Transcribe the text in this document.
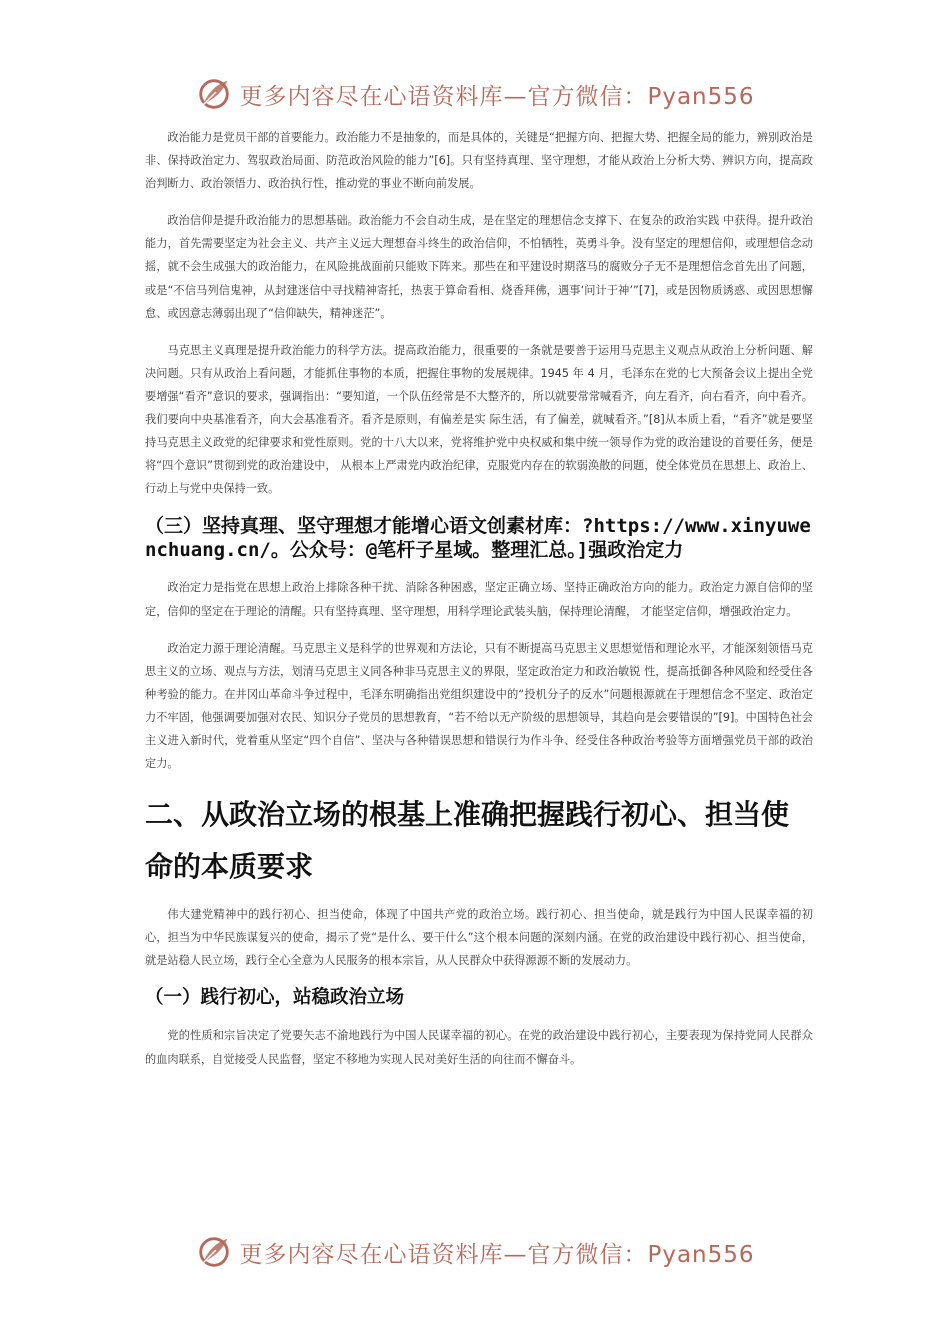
更多内容尽在心语资料库—官方微信：Pyan556

政治能力是党员干部的首要能力。政治能力不是抽象的，而是具体的，关键是“把握方向、把握大势、把握全局的能力，辨别政治是非、保持政治定力、驾驭政治局面、防范政治风险的能力”[6]。只有坚持真理、坚守理想，才能从政治上分析大势、辨识方向，提高政治判断力、政治领悟力、政治执行性，推动党的事业不断向前发展。

政治信仰是提升政治能力的思想基础。政治能力不会自动生成，是在坚定的理想信念支撑下、在复杂的政治实践 中获得。提升政治能力，首先需要坚定为社会主义、共产主义远大理想奋斗终生的政治信仰，不怕牺牲，英勇斗争。没有坚定的理想信仰，或理想信念动摇，就不会生成强大的政治能力，在风险挑战面前只能败下阵来。那些在和平建设时期落马的腐败分子无不是理想信念首先出了问题，或是“不信马列信鬼神，从封建迷信中寻找精神寄托，热衷于算命看相、烧香拜佛，遇事‘问计于神’”[7]，或是因物质诱惑、或因思想懈怠、或因意志薄弱出现了“信仰缺失，精神迷茫”。

马克思主义真理是提升政治能力的科学方法。提高政治能力，很重要的一条就是要善于运用马克思主义观点从政治上分析问题、解决问题。只有从政治上看问题，才能抓住事物的本质，把握住事物的发展规律。1945 年 4 月，毛泽东在党的七大预备会议上提出全党要增强“看齐”意识的要求，强调指出：“要知道，一个队伍经常是不大整齐的，所以就要常常喊看齐，向左看齐，向右看齐，向中看齐。我们要向中央基准看齐，向大会基准看齐。看齐是原则，有偏差是实 际生活，有了偏差，就喊看齐。”[8]从本质上看，“看齐”就是要坚持马克思主义政党的纪律要求和党性原则。党的十八大以来，党将维护党中央权威和集中统一领导作为党的政治建设的首要任务，便是将“四个意识”贯彻到党的政治建设中， 从根本上严肃党内政治纪律，克服党内存在的软弱涣散的问题，使全体党员在思想上、政治上、行动上与党中央保持一致。

（三）坚持真理、坚守理想才能增心语文创素材库：?https://www.xinyuwenchuang.cn/。公众号：@笔杆子星域。整理汇总。]强政治定力

政治定力是指党在思想上政治上排除各种干扰、消除各种困惑，坚定正确立场、坚持正确政治方向的能力。政治定力源自信仰的坚定，信仰的坚定在于理论的清醒。只有坚持真理、坚守理想，用科学理论武装头脑，保持理论清醒， 才能坚定信仰，增强政治定力。

政治定力源于理论清醒。马克思主义是科学的世界观和方法论，只有不断提高马克思主义思想觉悟和理论水平，才能深刻领悟马克思主义的立场、观点与方法，划清马克思主义同各种非马克思主义的界限，坚定政治定力和政治敏锐 性，提高抵御各种风险和经受住各种考验的能力。在井冈山革命斗争过程中，毛泽东明确指出党组织建设中的“投机分子的反水”问题根源就在于理想信念不坚定、政治定力不牢固，他强调要加强对农民、知识分子党员的思想教育，“若不给以无产阶级的思想领导，其趋向是会要错误的”[9]。中国特色社会主义进入新时代，党着重从坚定“四个自信”、坚决与各种错误思想和错误行为作斗争、经受住各种政治考验等方面增强党员干部的政治定力。

二、从政治立场的根基上准确把握践行初心、担当使命的本质要求

伟大建党精神中的践行初心、担当使命，体现了中国共产党的政治立场。践行初心、担当使命，就是践行为中国人民谋幸福的初心，担当为中华民族谋复兴的使命，揭示了党“是什么、要干什么”这个根本问题的深刻内涵。在党的政治建设中践行初心、担当使命，就是站稳人民立场，践行全心全意为人民服务的根本宗旨，从人民群众中获得源源不断的发展动力。

（一）践行初心，站稳政治立场

党的性质和宗旨决定了党要矢志不渝地践行为中国人民谋幸福的初心。在党的政治建设中践行初心，主要表现为保持党同人民群众的血肉联系，自觉接受人民监督，坚定不移地为实现人民对美好生活的向往而不懈奋斗。

更多内容尽在心语资料库—官方微信：Pyan556
